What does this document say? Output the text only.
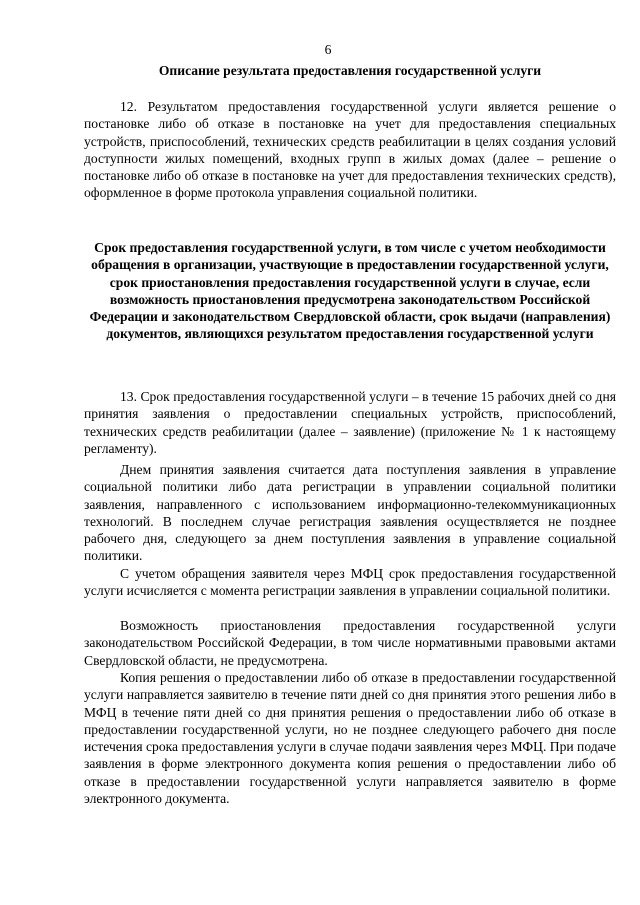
6
Описание результата предоставления государственной услуги

12. Результатом предоставления государственной услуги является решение о постановке либо об отказе в постановке на учет для предоставления специальных устройств, приспособлений, технических средств реабилитации в целях создания условий доступности жилых помещений, входных групп в жилых домах (далее – решение о постановке либо об отказе в постановке на учет для предоставления технических средств), оформленное в форме протокола управления социальной политики.

Срок предоставления государственной услуги, в том числе с учетом необходимости обращения в организации, участвующие в предоставлении государственной услуги, срок приостановления предоставления государственной услуги в случае, если возможность приостановления предусмотрена законодательством Российской Федерации и законодательством Свердловской области, срок выдачи (направления) документов, являющихся результатом предоставления государственной услуги

13. Срок предоставления государственной услуги – в течение 15 рабочих дней со дня принятия заявления о предоставлении специальных устройств, приспособлений, технических средств реабилитации (далее – заявление) (приложение № 1 к настоящему регламенту).

Днем принятия заявления считается дата поступления заявления в управление социальной политики либо дата регистрации в управлении социальной политики заявления, направленного с использованием информационно-телекоммуникационных технологий. В последнем случае регистрация заявления осуществляется не позднее рабочего дня, следующего за днем поступления заявления в управление социальной политики.

С учетом обращения заявителя через МФЦ срок предоставления государственной услуги исчисляется с момента регистрации заявления в управлении социальной политики.

Возможность приостановления предоставления государственной услуги законодательством Российской Федерации, в том числе нормативными правовыми актами Свердловской области, не предусмотрена.

Копия решения о предоставлении либо об отказе в предоставлении государственной услуги направляется заявителю в течение пяти дней со дня принятия этого решения либо в МФЦ в течение пяти дней со дня принятия решения о предоставлении либо об отказе в предоставлении государственной услуги, но не позднее следующего рабочего дня после истечения срока предоставления услуги в случае подачи заявления через МФЦ. При подаче заявления в форме электронного документа копия решения о предоставлении либо об отказе в предоставлении государственной услуги направляется заявителю в форме электронного документа.
